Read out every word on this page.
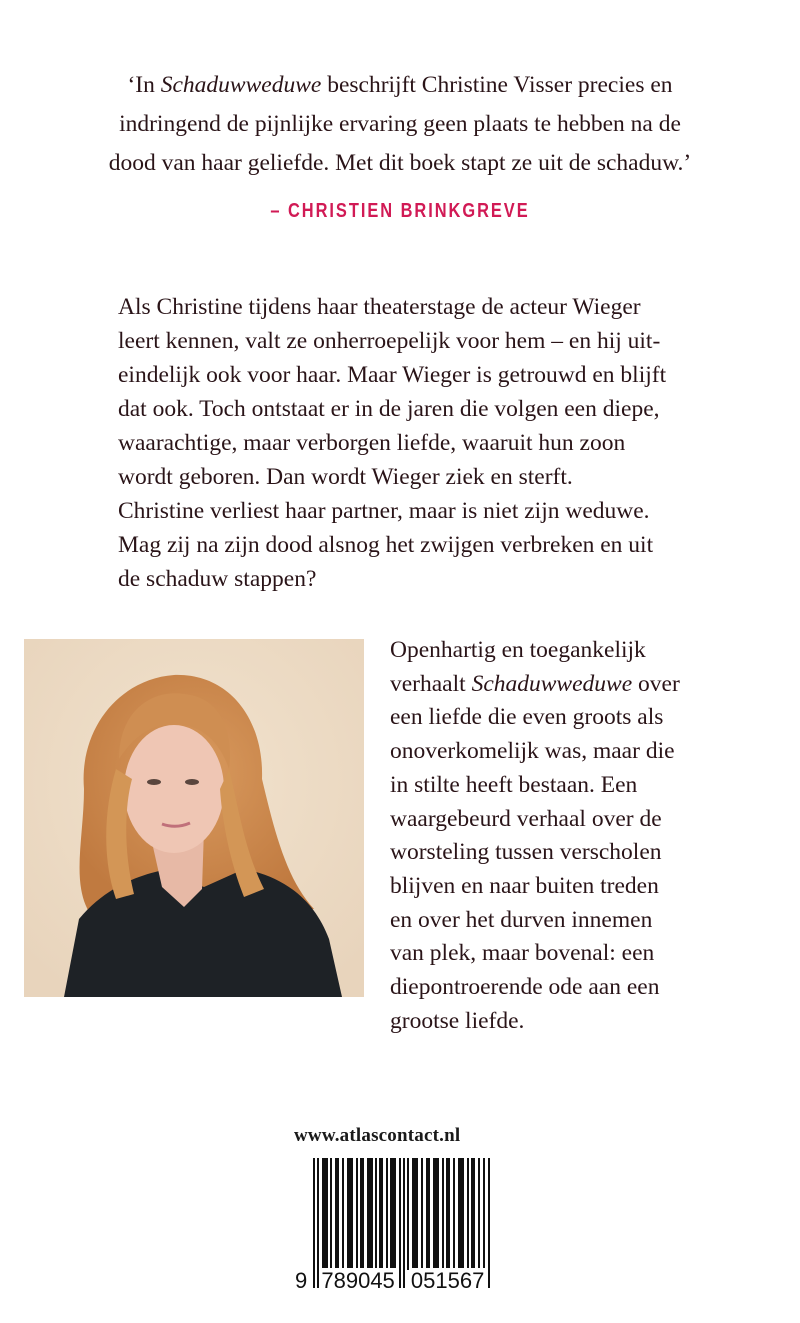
‘In Schaduwweduwe beschrijft Christine Visser precies en
indringend de pijnlijke ervaring geen plaats te hebben na de
dood van haar geliefde. Met dit boek stapt ze uit de schaduw.’
– CHRISTIEN BRINKGREVE
Als Christine tijdens haar theaterstage de acteur Wieger
leert kennen, valt ze onherroepelijk voor hem – en hij uit-
eindelijk ook voor haar. Maar Wieger is getrouwd en blijft
dat ook. Toch ontstaat er in de jaren die volgen een diepe,
waarachtige, maar verborgen liefde, waaruit hun zoon
wordt geboren. Dan wordt Wieger ziek en sterft.
Christine verliest haar partner, maar is niet zijn weduwe.
Mag zij na zijn dood alsnog het zwijgen verbreken en uit
de schaduw stappen?
Openhartig en toegankelijk
verhaalt Schaduwweduwe over
een liefde die even groots als
onoverkomelijk was, maar die
in stilte heeft bestaan. Een
waargebeurd verhaal over de
worsteling tussen verscholen
blijven en naar buiten treden
en over het durven innemen
van plek, maar bovenal: een
diepontroerende ode aan een
grootse liefde.
www.atlascontact.nl
9 789045 051567
